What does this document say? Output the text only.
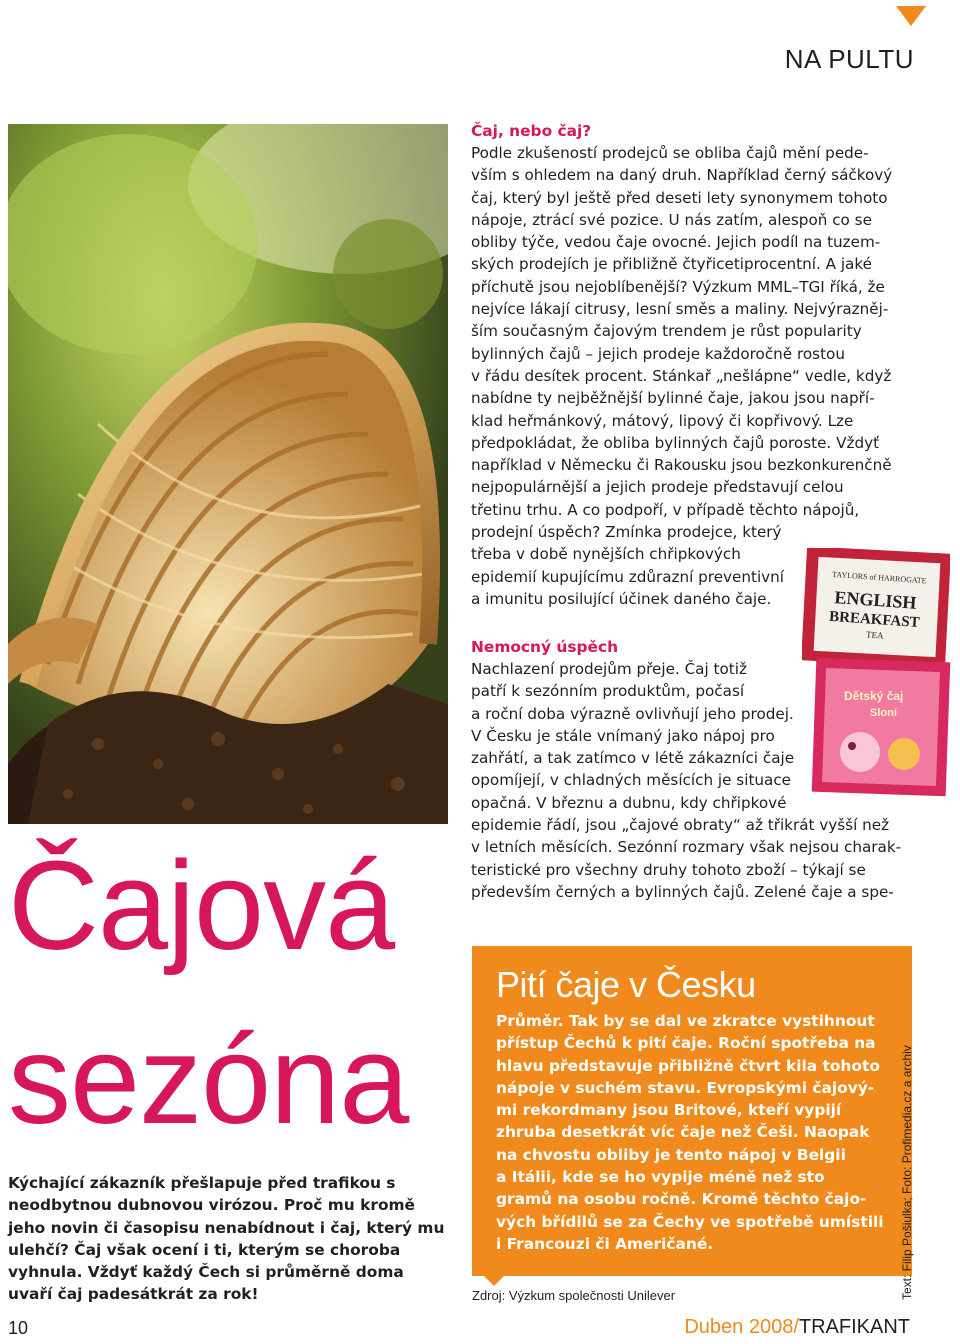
NA PULTU
Čajová
sezóna
Kýchající zákazník přešlapuje před trafikou s neodbytnou dubnovou virózou. Proč mu kromě jeho novin či časopisu nenabídnout i čaj, který mu ulehčí? Čaj však ocení i ti, kterým se choroba vyhnula. Vždyť každý Čech si průměrně doma uvaří čaj padesátkrát za rok!
Čaj, nebo čaj?
Podle zkušeností prodejců se obliba čajů mění pede-
vším s ohledem na daný druh. Například černý sáčkový
čaj, který byl ještě před deseti lety synonymem tohoto
nápoje, ztrácí své pozice. U nás zatím, alespoň co se
obliby týče, vedou čaje ovocné. Jejich podíl na tuzem-
ských prodejích je přibližně čtyřicetiprocentní. A jaké
příchutě jsou nejoblíbenější? Výzkum MML–TGI říká, že
nejvíce lákají citrusy, lesní směs a maliny. Nejvýrazněj-
ším současným čajovým trendem je růst popularity
bylinných čajů – jejich prodeje každoročně rostou
v řádu desítek procent. Stánkař „nešlápne“ vedle, když
nabídne ty nejběžnější bylinné čaje, jakou jsou napří-
klad heřmánkový, mátový, lipový či kopřivový. Lze
předpokládat, že obliba bylinných čajů poroste. Vždyť
například v Německu či Rakousku jsou bezkonkurenčně
nejpopulárnější a jejich prodeje představují celou
třetinu trhu. A co podpoří, v případě těchto nápojů,
prodejní úspěch? Zmínka prodejce, který
třeba v době nynějších chřipkových
epidemií kupujícímu zdůrazní preventivní
a imunitu posilující účinek daného čaje.
TAYLORS of HARROGATE
ENGLISH
BREAKFAST
TEA
Dětský čaj
Sloní
Nemocný úspěch
Nachlazení prodejům přeje. Čaj totiž
patří k sezónním produktům, počasí
a roční doba výrazně ovlivňují jeho prodej.
V Česku je stále vnímaný jako nápoj pro
zahřátí, a tak zatímco v létě zákazníci čaje
opomíjejí, v chladných měsících je situace
opačná. V březnu a dubnu, kdy chřipkové
epidemie řádí, jsou „čajové obraty“ až třikrát vyšší než
v letních měsících. Sezónní rozmary však nejsou charak-
teristické pro všechny druhy tohoto zboží – týkají se
především černých a bylinných čajů. Zelené čaje a spe-
Pití čaje v Česku
Průměr. Tak by se dal ve zkratce vystihnout
přístup Čechů k pití čaje. Roční spotřeba na
hlavu představuje přibližně čtvrt kila tohoto
nápoje v suchém stavu. Evropskými čajový-
mi rekordmany jsou Britové, kteří vypijí
zhruba desetkrát víc čaje než Češi. Naopak
na chvostu obliby je tento nápoj v Belgii
a Itálii, kde se ho vypije méně než sto
gramů na osobu ročně. Kromě těchto čajo-
vých břídilů se za Čechy ve spotřebě umístili
i Francouzi či Američané.
Zdroj: Výzkum společnosti Unilever	Text: Filip Pošiulka; Foto: Profimedia.cz a archiv
10	Duben 2008/TRAFIKANT
